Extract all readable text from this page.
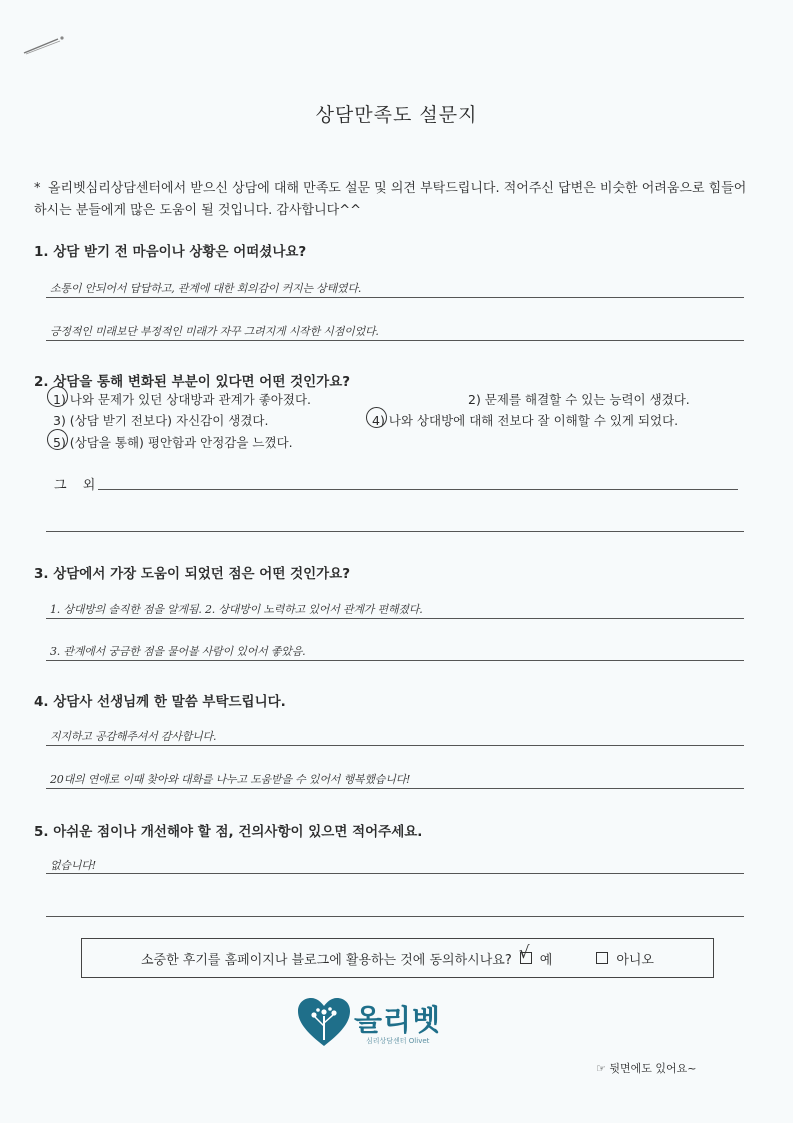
상담만족도 설문지
* 올리벳심리상담센터에서 받으신 상담에 대해 만족도 설문 및 의견 부탁드립니다. 적어주신 답변은 비슷한 어려움으로 힘들어 하시는 분들에게 많은 도움이 될 것입니다. 감사합니다^^
1. 상담 받기 전 마음이나 상황은 어떠셨나요?
소통이 안되어서 답답하고, 관계에 대한 회의감이 커지는 상태였다.
긍정적인 미래보단 부정적인 미래가 자꾸 그려지게 시작한 시점이었다.
2. 상담을 통해 변화된 부분이 있다면 어떤 것인가요?
1) 나와 문제가 있던 상대방과 관계가 좋아졌다.	2) 문제를 해결할 수 있는 능력이 생겼다.
3) (상담 받기 전보다) 자신감이 생겼다.	4) 나와 상대방에 대해 전보다 잘 이해할 수 있게 되었다.
5) (상담을 통해) 평안함과 안정감을 느꼈다.
그 외
3. 상담에서 가장 도움이 되었던 점은 어떤 것인가요?
1. 상대방의 솔직한 점을 알게됨. 2. 상대방이 노력하고 있어서 관계가 편해졌다.
3. 관계에서 궁금한 점을 물어볼 사람이 있어서 좋았음.
4. 상담사 선생님께 한 말씀 부탁드립니다.
지지하고 공감해주셔서 감사합니다.
20대의 연애로 이때 찾아와 대화를 나누고 도움받을 수 있어서 행복했습니다!
5. 아쉬운 점이나 개선해야 할 점, 건의사항이 있으면 적어주세요.
없습니다!
소중한 후기를 홈페이지나 블로그에 활용하는 것에 동의하시나요? √ 예	아니오
올리벳
심리상담센터 Olivet
☞ 뒷면에도 있어요~
